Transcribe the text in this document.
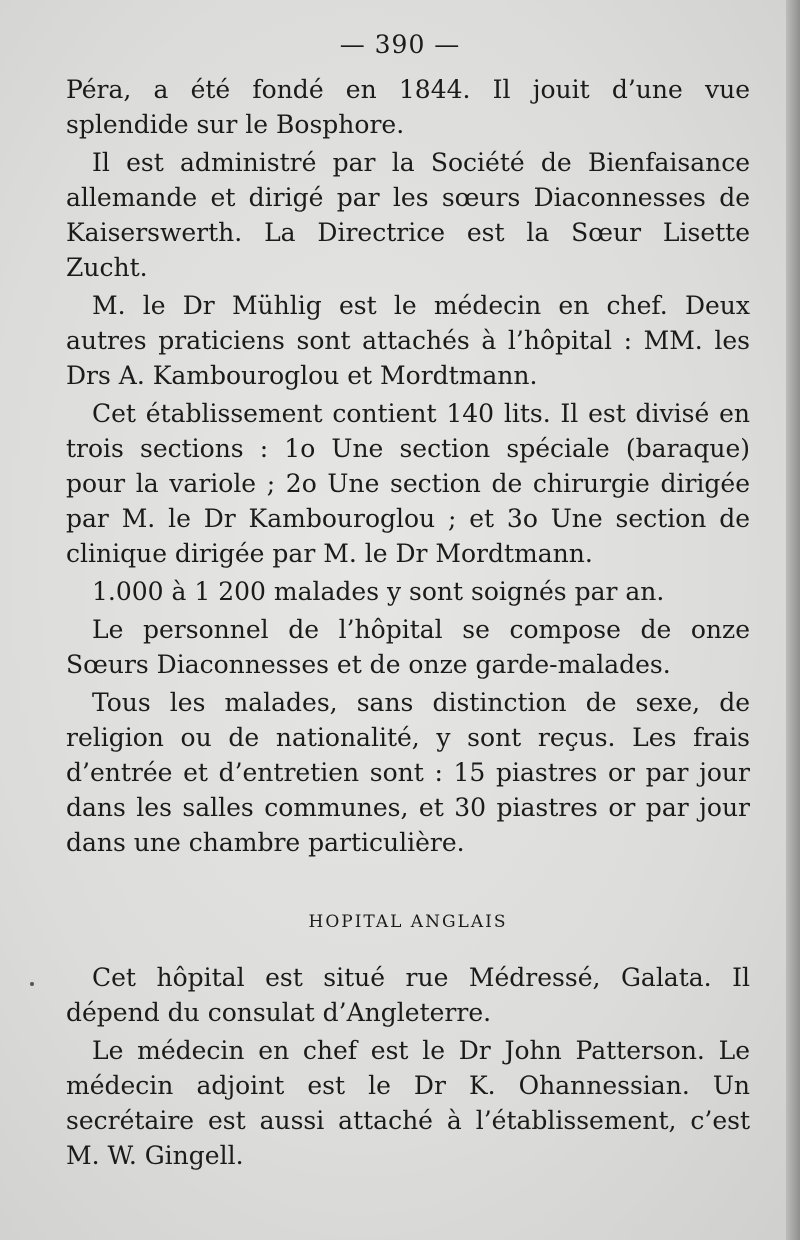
— 390 —

Péra, a été fondé en 1844. Il jouit d’une vue splendide sur le Bosphore.

Il est administré par la Société de Bienfaisance allemande et dirigé par les sœurs Diaconnesses de Kaiserswerth. La Directrice est la Sœur Lisette Zucht.

M. le Dr Mühlig est le médecin en chef. Deux autres praticiens sont attachés à l’hôpital : MM. les Drs A. Kambouroglou et Mordtmann.

Cet établissement contient 140 lits. Il est divisé en trois sections : 1o Une section spéciale (baraque) pour la variole ; 2o Une section de chirurgie dirigée par M. le Dr Kambouroglou ; et 3o Une section de clinique dirigée par M. le Dr Mordtmann.

1.000 à 1 200 malades y sont soignés par an.

Le personnel de l’hôpital se compose de onze Sœurs Diaconnesses et de onze garde-malades.

Tous les malades, sans distinction de sexe, de religion ou de nationalité, y sont reçus. Les frais d’entrée et d’entretien sont : 15 piastres or par jour dans les salles communes, et 30 piastres or par jour dans une chambre particulière.

HOPITAL ANGLAIS

Cet hôpital est situé rue Médressé, Galata. Il dépend du consulat d’Angleterre.

Le médecin en chef est le Dr John Patterson. Le médecin adjoint est le Dr K. Ohannessian. Un secrétaire est aussi attaché à l’établissement, c’est M. W. Gingell.
